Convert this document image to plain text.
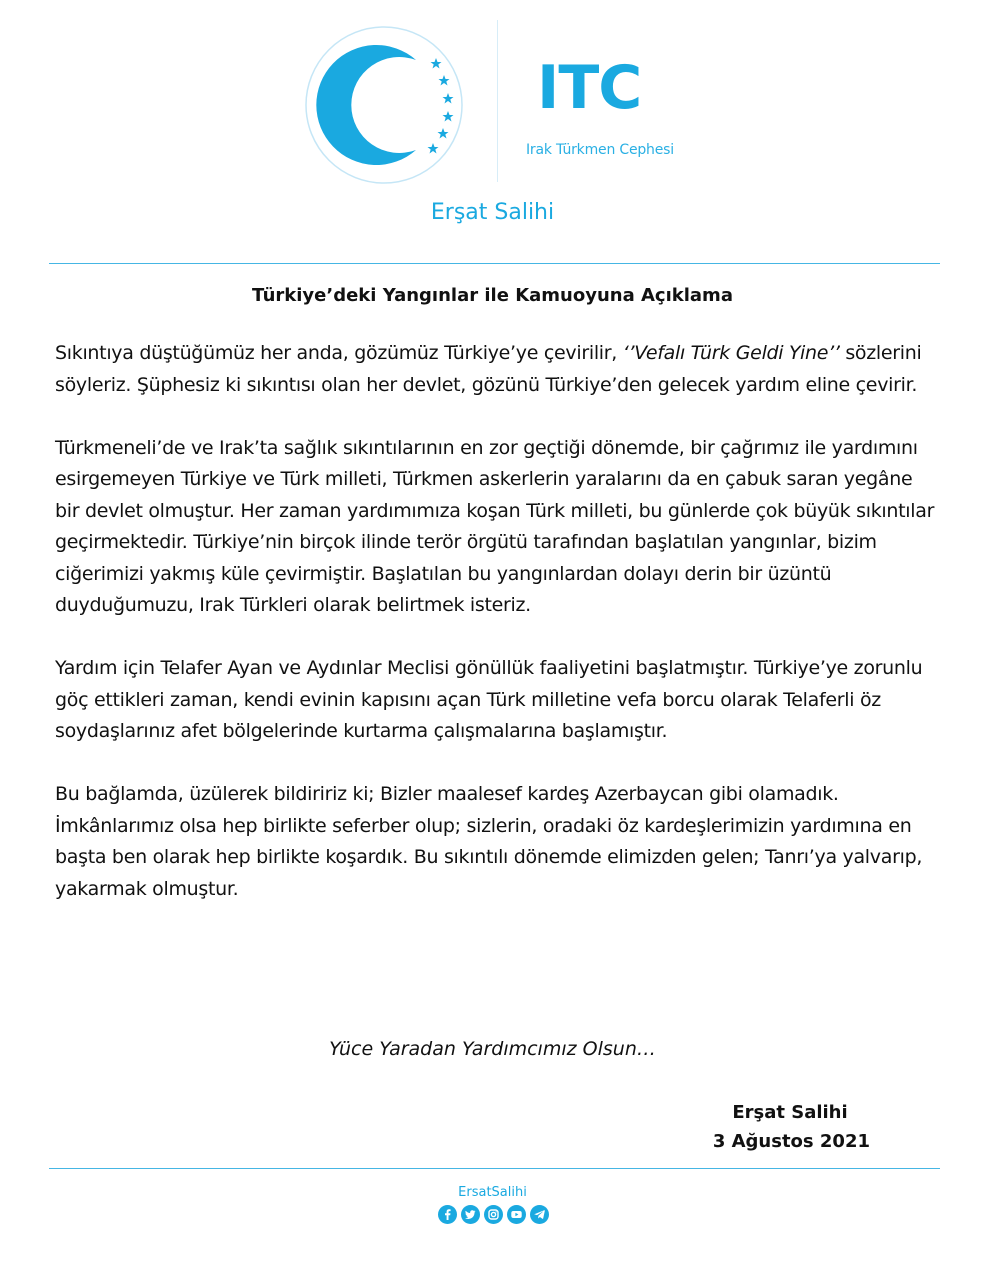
ITC
Irak Türkmen Cephesi
Erşat Salihi
Türkiye’deki Yangınlar ile Kamuoyuna Açıklama

Sıkıntıya düştüğümüz her anda, gözümüz Türkiye’ye çevirilir, ‘’Vefalı Türk Geldi Yine’’ sözlerini söyleriz. Şüphesiz ki sıkıntısı olan her devlet, gözünü Türkiye’den gelecek yardım eline çevirir.

Türkmeneli’de ve Irak’ta sağlık sıkıntılarının en zor geçtiği dönemde, bir çağrımız ile yardımını esirgemeyen Türkiye ve Türk milleti, Türkmen askerlerin yaralarını da en çabuk saran yegâne bir devlet olmuştur. Her zaman yardımımıza koşan Türk milleti, bu günlerde çok büyük sıkıntılar geçirmektedir. Türkiye’nin birçok ilinde terör örgütü tarafından başlatılan yangınlar, bizim ciğerimizi yakmış küle çevirmiştir. Başlatılan bu yangınlardan dolayı derin bir üzüntü duyduğumuzu, Irak Türkleri olarak belirtmek isteriz.

Yardım için Telafer Ayan ve Aydınlar Meclisi gönüllük faaliyetini başlatmıştır. Türkiye’ye zorunlu göç ettikleri zaman, kendi evinin kapısını açan Türk milletine vefa borcu olarak Telaferli öz soydaşlarınız afet bölgelerinde kurtarma çalışmalarına başlamıştır.

Bu bağlamda, üzülerek bildiririz ki; Bizler maalesef kardeş Azerbaycan gibi olamadık. İmkânlarımız olsa hep birlikte seferber olup; sizlerin, oradaki öz kardeşlerimizin yardımına en başta ben olarak hep birlikte koşardık. Bu sıkıntılı dönemde elimizden gelen; Tanrı’ya yalvarıp, yakarmak olmuştur.

Yüce Yaradan Yardımcımız Olsun…
Erşat Salihi
3 Ağustos 2021
ErsatSalihi
